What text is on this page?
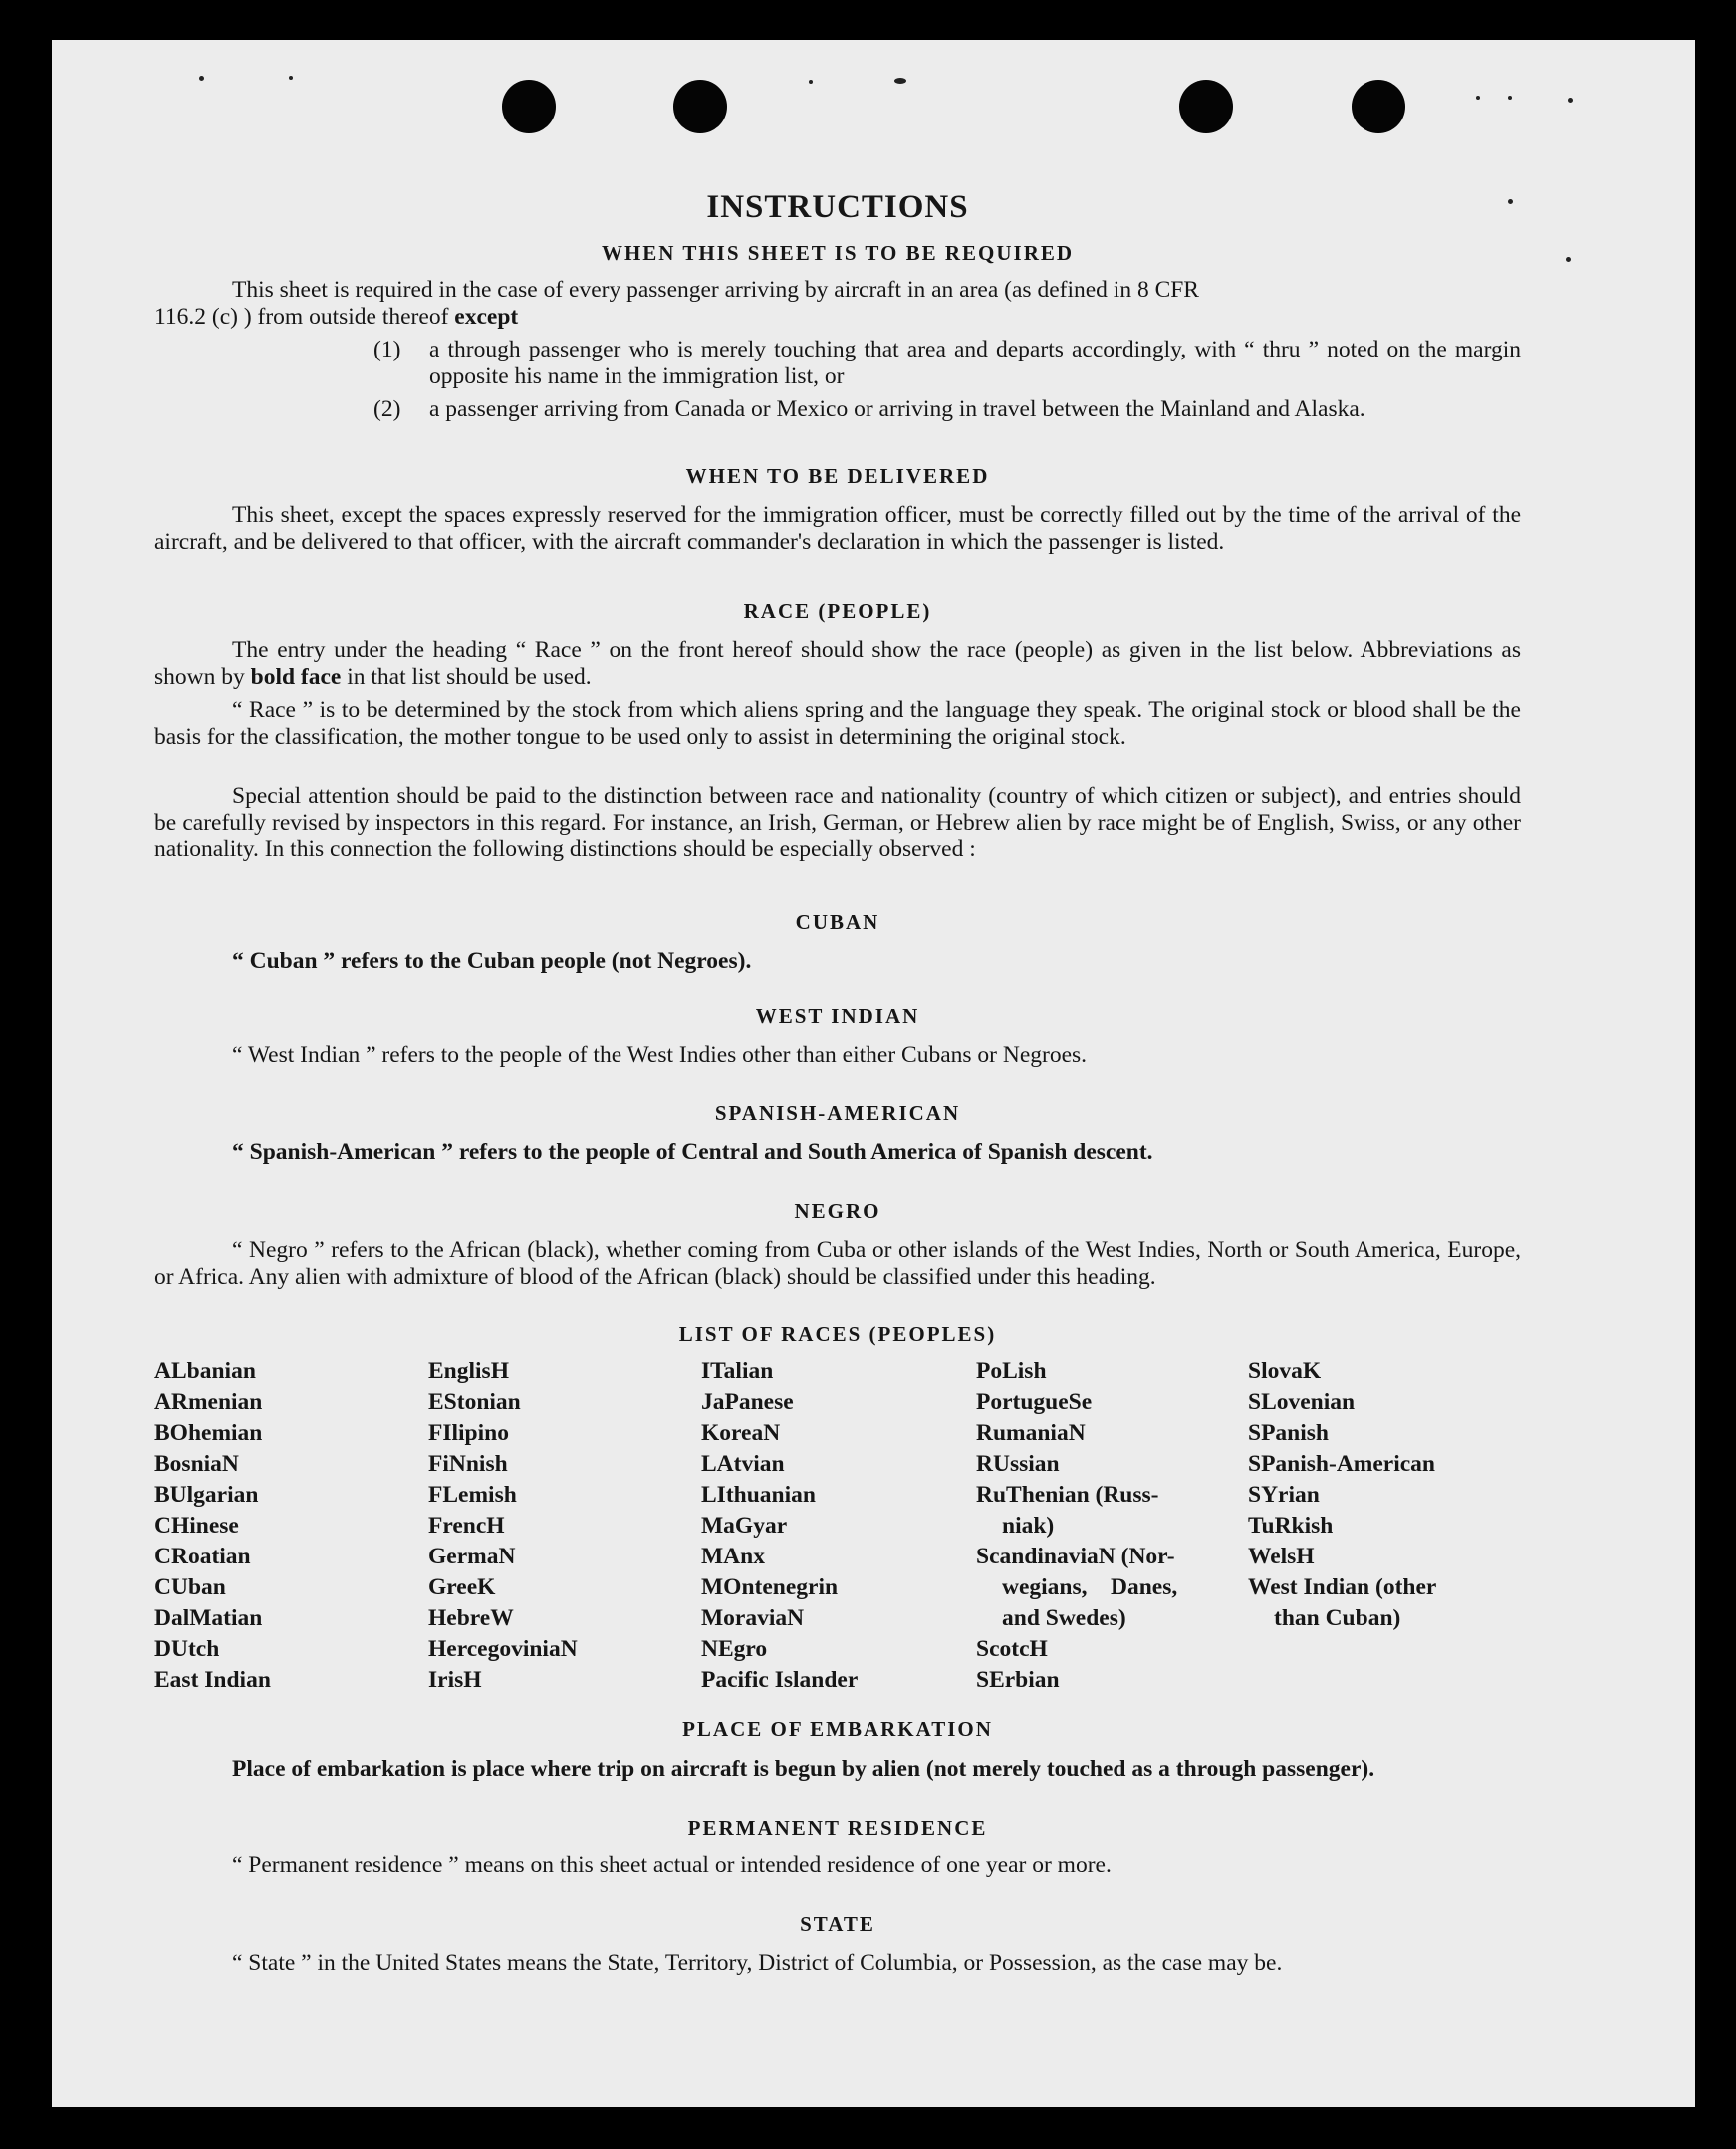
INSTRUCTIONS
WHEN THIS SHEET IS TO BE REQUIRED

This sheet is required in the case of every passenger arriving by aircraft in an area (as defined in 8 CFR
116.2 (c) ) from outside thereof except

(1) a through passenger who is merely touching that area and departs accordingly, with “ thru ” noted on the margin opposite his name in the immigration list, or
(2) a passenger arriving from Canada or Mexico or arriving in travel between the Mainland and Alaska.
WHEN TO BE DELIVERED

This sheet, except the spaces expressly reserved for the immigration officer, must be correctly filled out by the time of the arrival of the aircraft, and be delivered to that officer, with the aircraft commander's declaration in which the passenger is listed.

RACE (PEOPLE)

The entry under the heading “ Race ” on the front hereof should show the race (people) as given in the list below. Abbreviations as shown by bold face in that list should be used.

“ Race ” is to be determined by the stock from which aliens spring and the language they speak. The original stock or blood shall be the basis for the classification, the mother tongue to be used only to assist in determining the original stock.

Special attention should be paid to the distinction between race and nationality (country of which citizen or subject), and entries should be carefully revised by inspectors in this regard. For instance, an Irish, German, or Hebrew alien by race might be of English, Swiss, or any other nationality. In this connection the following distinctions should be especially observed :

CUBAN

“ Cuban ” refers to the Cuban people (not Negroes).

WEST INDIAN

“ West Indian ” refers to the people of the West Indies other than either Cubans or Negroes.

SPANISH-AMERICAN

“ Spanish-American ” refers to the people of Central and South America of Spanish descent.

NEGRO

“ Negro ” refers to the African (black), whether coming from Cuba or other islands of the West Indies, North or South America, Europe, or Africa. Any alien with admixture of blood of the African (black) should be classified under this heading.

LIST OF RACES (PEOPLES)
ALbanian
ARmenian
BOhemian
BosniaN
BUlgarian
CHinese
CRoatian
CUban
DalMatian
DUtch
East Indian
EnglisH
EStonian
FIlipino
FiNnish
FLemish
FrencH
GermaN
GreeK
HebreW
HercegoviniaN
IrisH
ITalian
JaPanese
KoreaN
LAtvian
LIthuanian
MaGyar
MAnx
MOntenegrin
MoraviaN
NEgro
Pacific Islander
PoLish
PortugueSe
RumaniaN
RUssian
RuThenian (Russ-
niak)
ScandinaviaN (Nor-
wegians,    Danes,
and Swedes)
ScotcH
SErbian
SlovaK
SLovenian
SPanish
SPanish-American
SYrian
TuRkish
WelsH
West Indian (other
than Cuban)
PLACE OF EMBARKATION

Place of embarkation is place where trip on aircraft is begun by alien (not merely touched as a through passenger).

PERMANENT RESIDENCE

“ Permanent residence ” means on this sheet actual or intended residence of one year or more.

STATE

“ State ” in the United States means the State, Territory, District of Columbia, or Possession, as the case may be.
